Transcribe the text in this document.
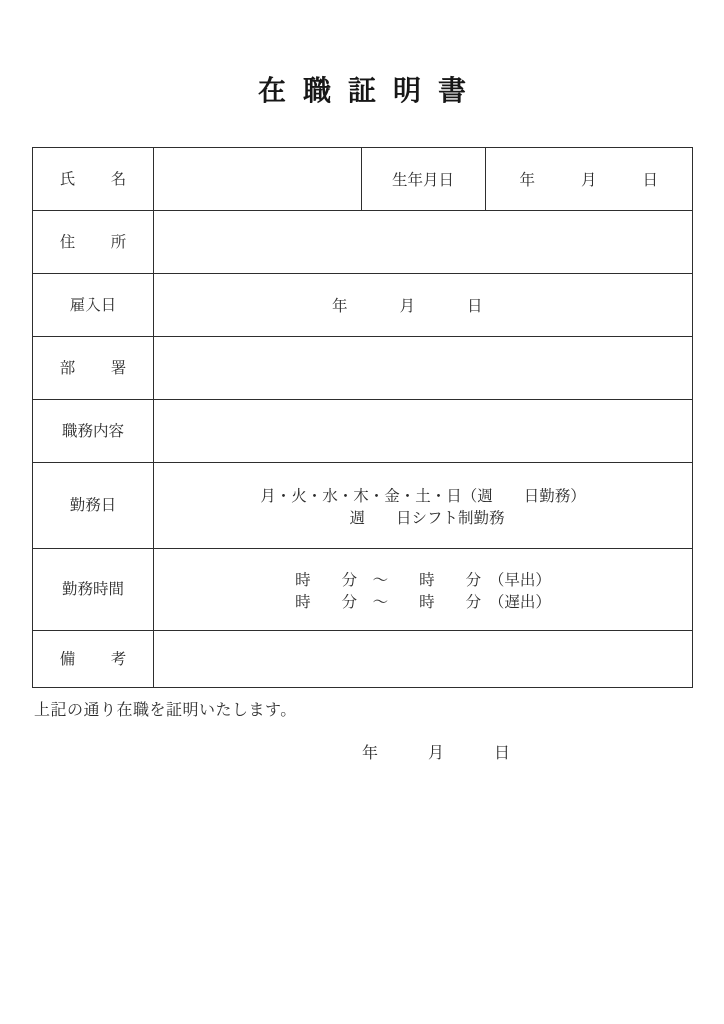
在職証明書
氏　名		生年月日	年 月 日

住　所			

雇入日	年 月 日		

部　署			

職務内容			

勤務日	月・火・水・木・金・土・日（週　　日勤務）
週　　日シフト制勤務		

勤務時間	時　　分　～　　時　　分　（早出）
時　　分　～　　時　　分　（遅出）		

備　考			

上記の通り在職を証明いたします。
年	月	日
